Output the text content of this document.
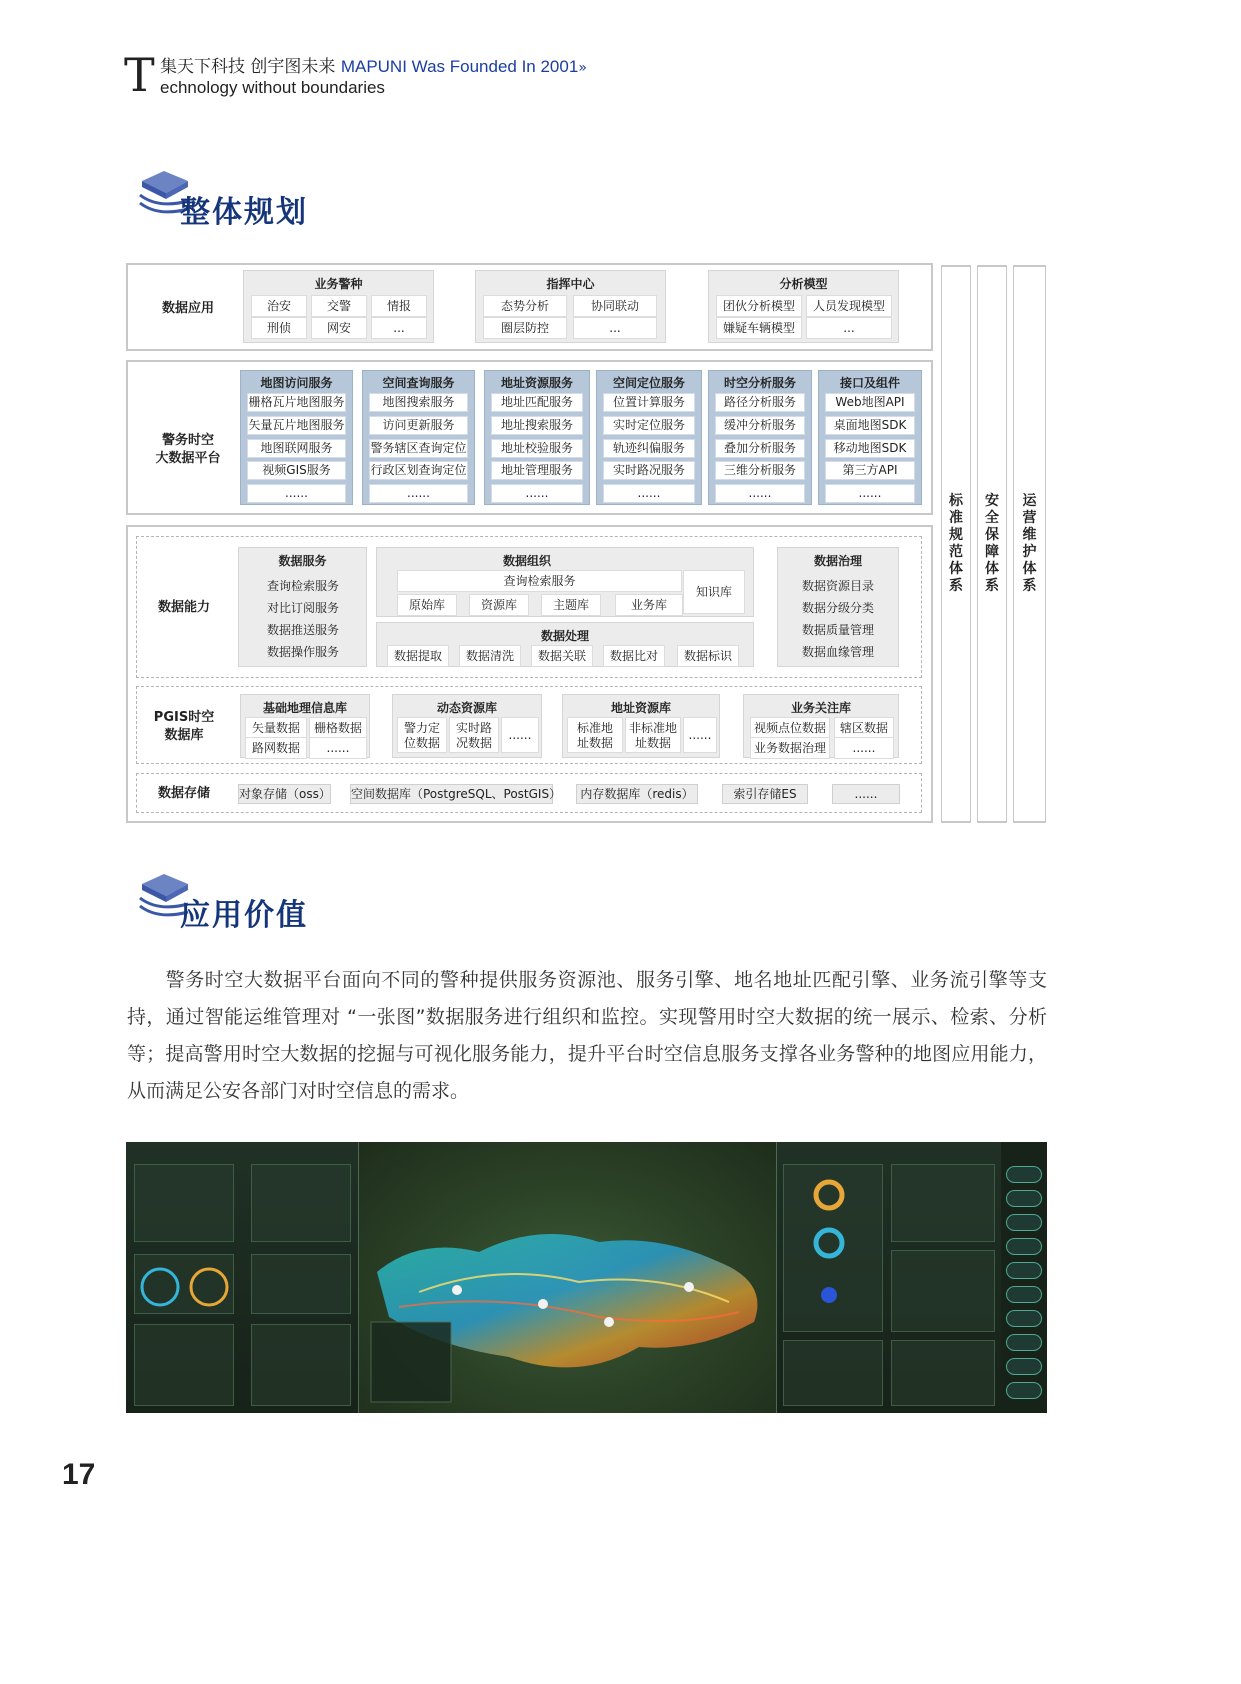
T 集天下科技 创宇图未来 MAPUNI Was Founded In 2001»
echnology without boundaries
整体规划
数据应用
业务警种
治安	交警	情报
刑侦	网安	...
指挥中心
态势分析	协同联动
圈层防控	...
分析模型
团伙分析模型	人员发现模型
嫌疑车辆模型	...
警务时空
大数据平台
地图访问服务
栅格瓦片地图服务
矢量瓦片地图服务
地图联网服务
视频GIS服务
......
空间查询服务
地图搜索服务
访问更新服务
警务辖区查询定位
行政区划查询定位
......
地址资源服务
地址匹配服务
地址搜索服务
地址校验服务
地址管理服务
......
空间定位服务
位置计算服务
实时定位服务
轨迹纠偏服务
实时路况服务
......
时空分析服务
路径分析服务
缓冲分析服务
叠加分析服务
三维分析服务
......
接口及组件
Web地图API
桌面地图SDK
移动地图SDK
第三方API
......
数据能力
数据服务
查询检索服务
对比订阅服务
数据推送服务
数据操作服务
数据组织
查询检索服务
原始库	资源库	主题库	业务库
知识库
数据处理
数据提取	数据清洗	数据关联	数据比对	数据标识
数据治理
数据资源目录
数据分级分类
数据质量管理
数据血缘管理
PGIS时空
数据库
基础地理信息库
矢量数据	栅格数据
路网数据	......
动态资源库
警力定
位数据
实时路
况数据
......
地址资源库
标准地
址数据
非标准地
址数据
......
业务关注库
视频点位数据	辖区数据
业务数据治理	......
数据存储	对象存储（oss） 空间数据库（PostgreSQL、PostGIS）	内存数据库（redis）	索引存储ES	......
标准规范体系
安全保障体系
运营维护体系
应用价值
警务时空大数据平台面向不同的警种提供服务资源池、服务引擎、地名地址匹配引擎、业务流引擎等支持，通过智能运维管理对 “一张图”数据服务进行组织和监控。实现警用时空大数据的统一展示、检索、分析等；提高警用时空大数据的挖掘与可视化服务能力，提升平台时空信息服务支撑各业务警种的地图应用能力，从而满足公安各部门对时空信息的需求。
17
